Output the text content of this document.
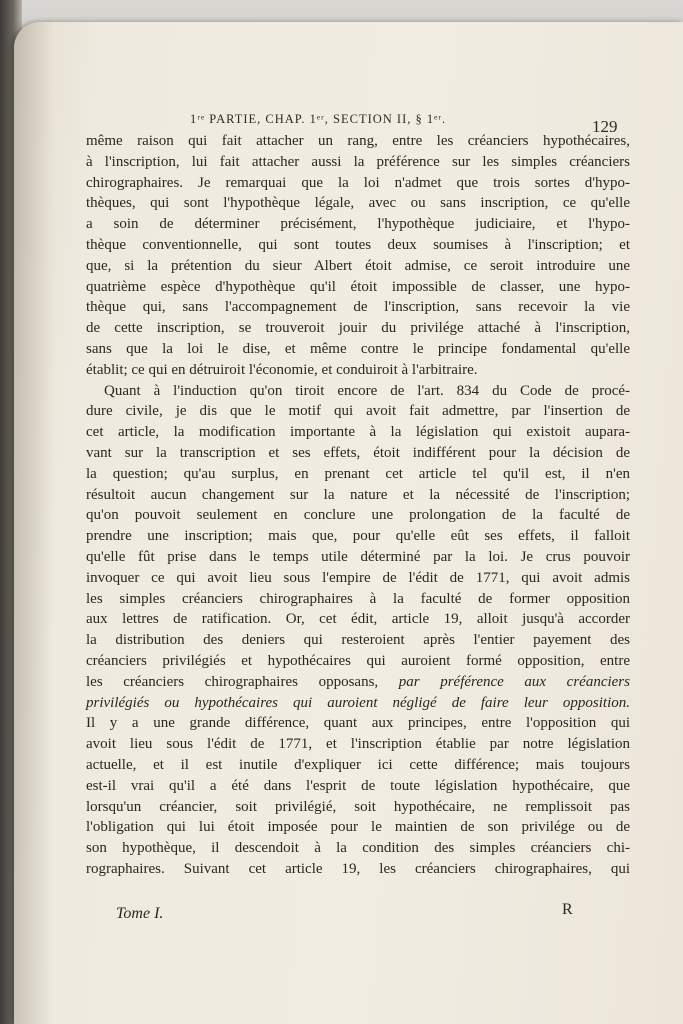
1ʳᵉ PARTIE, CHAP. 1ᵉʳ, SECTION II, § 1ᵉʳ.	129
même raison qui fait attacher un rang, entre les créanciers hypothécaires,
à l'inscription, lui fait attacher aussi la préférence sur les simples créanciers
chirographaires. Je remarquai que la loi n'admet que trois sortes d'hypo-
thèques, qui sont l'hypothèque légale, avec ou sans inscription, ce qu'elle
a soin de déterminer précisément, l'hypothèque judiciaire, et l'hypo-
thèque conventionnelle, qui sont toutes deux soumises à l'inscription; et
que, si la prétention du sieur Albert étoit admise, ce seroit introduire une
quatrième espèce d'hypothèque qu'il étoit impossible de classer, une hypo-
thèque qui, sans l'accompagnement de l'inscription, sans recevoir la vie
de cette inscription, se trouveroit jouir du privilége attaché à l'inscription,
sans que la loi le dise, et même contre le principe fondamental qu'elle
établit; ce qui en détruiroit l'économie, et conduiroit à l'arbitraire.
Quant à l'induction qu'on tiroit encore de l'art. 834 du Code de procé-
dure civile, je dis que le motif qui avoit fait admettre, par l'insertion de
cet article, la modification importante à la législation qui existoit aupara-
vant sur la transcription et ses effets, étoit indifférent pour la décision de
la question; qu'au surplus, en prenant cet article tel qu'il est, il n'en
résultoit aucun changement sur la nature et la nécessité de l'inscription;
qu'on pouvoit seulement en conclure une prolongation de la faculté de
prendre une inscription; mais que, pour qu'elle eût ses effets, il falloit
qu'elle fût prise dans le temps utile déterminé par la loi. Je crus pouvoir
invoquer ce qui avoit lieu sous l'empire de l'édit de 1771, qui avoit admis
les simples créanciers chirographaires à la faculté de former opposition
aux lettres de ratification. Or, cet édit, article 19, alloit jusqu'à accorder
la distribution des deniers qui resteroient après l'entier payement des
créanciers privilégiés et hypothécaires qui auroient formé opposition, entre
les créanciers chirographaires opposans, par préférence aux créanciers
privilégiés ou hypothécaires qui auroient négligé de faire leur opposition.
Il y a une grande différence, quant aux principes, entre l'opposition qui
avoit lieu sous l'édit de 1771, et l'inscription établie par notre législation
actuelle, et il est inutile d'expliquer ici cette différence; mais toujours
est-il vrai qu'il a été dans l'esprit de toute législation hypothécaire, que
lorsqu'un créancier, soit privilégié, soit hypothécaire, ne remplissoit pas
l'obligation qui lui étoit imposée pour le maintien de son privilége ou de
son hypothèque, il descendoit à la condition des simples créanciers chi-
rographaires. Suivant cet article 19, les créanciers chirographaires, qui
Tome I.	R
